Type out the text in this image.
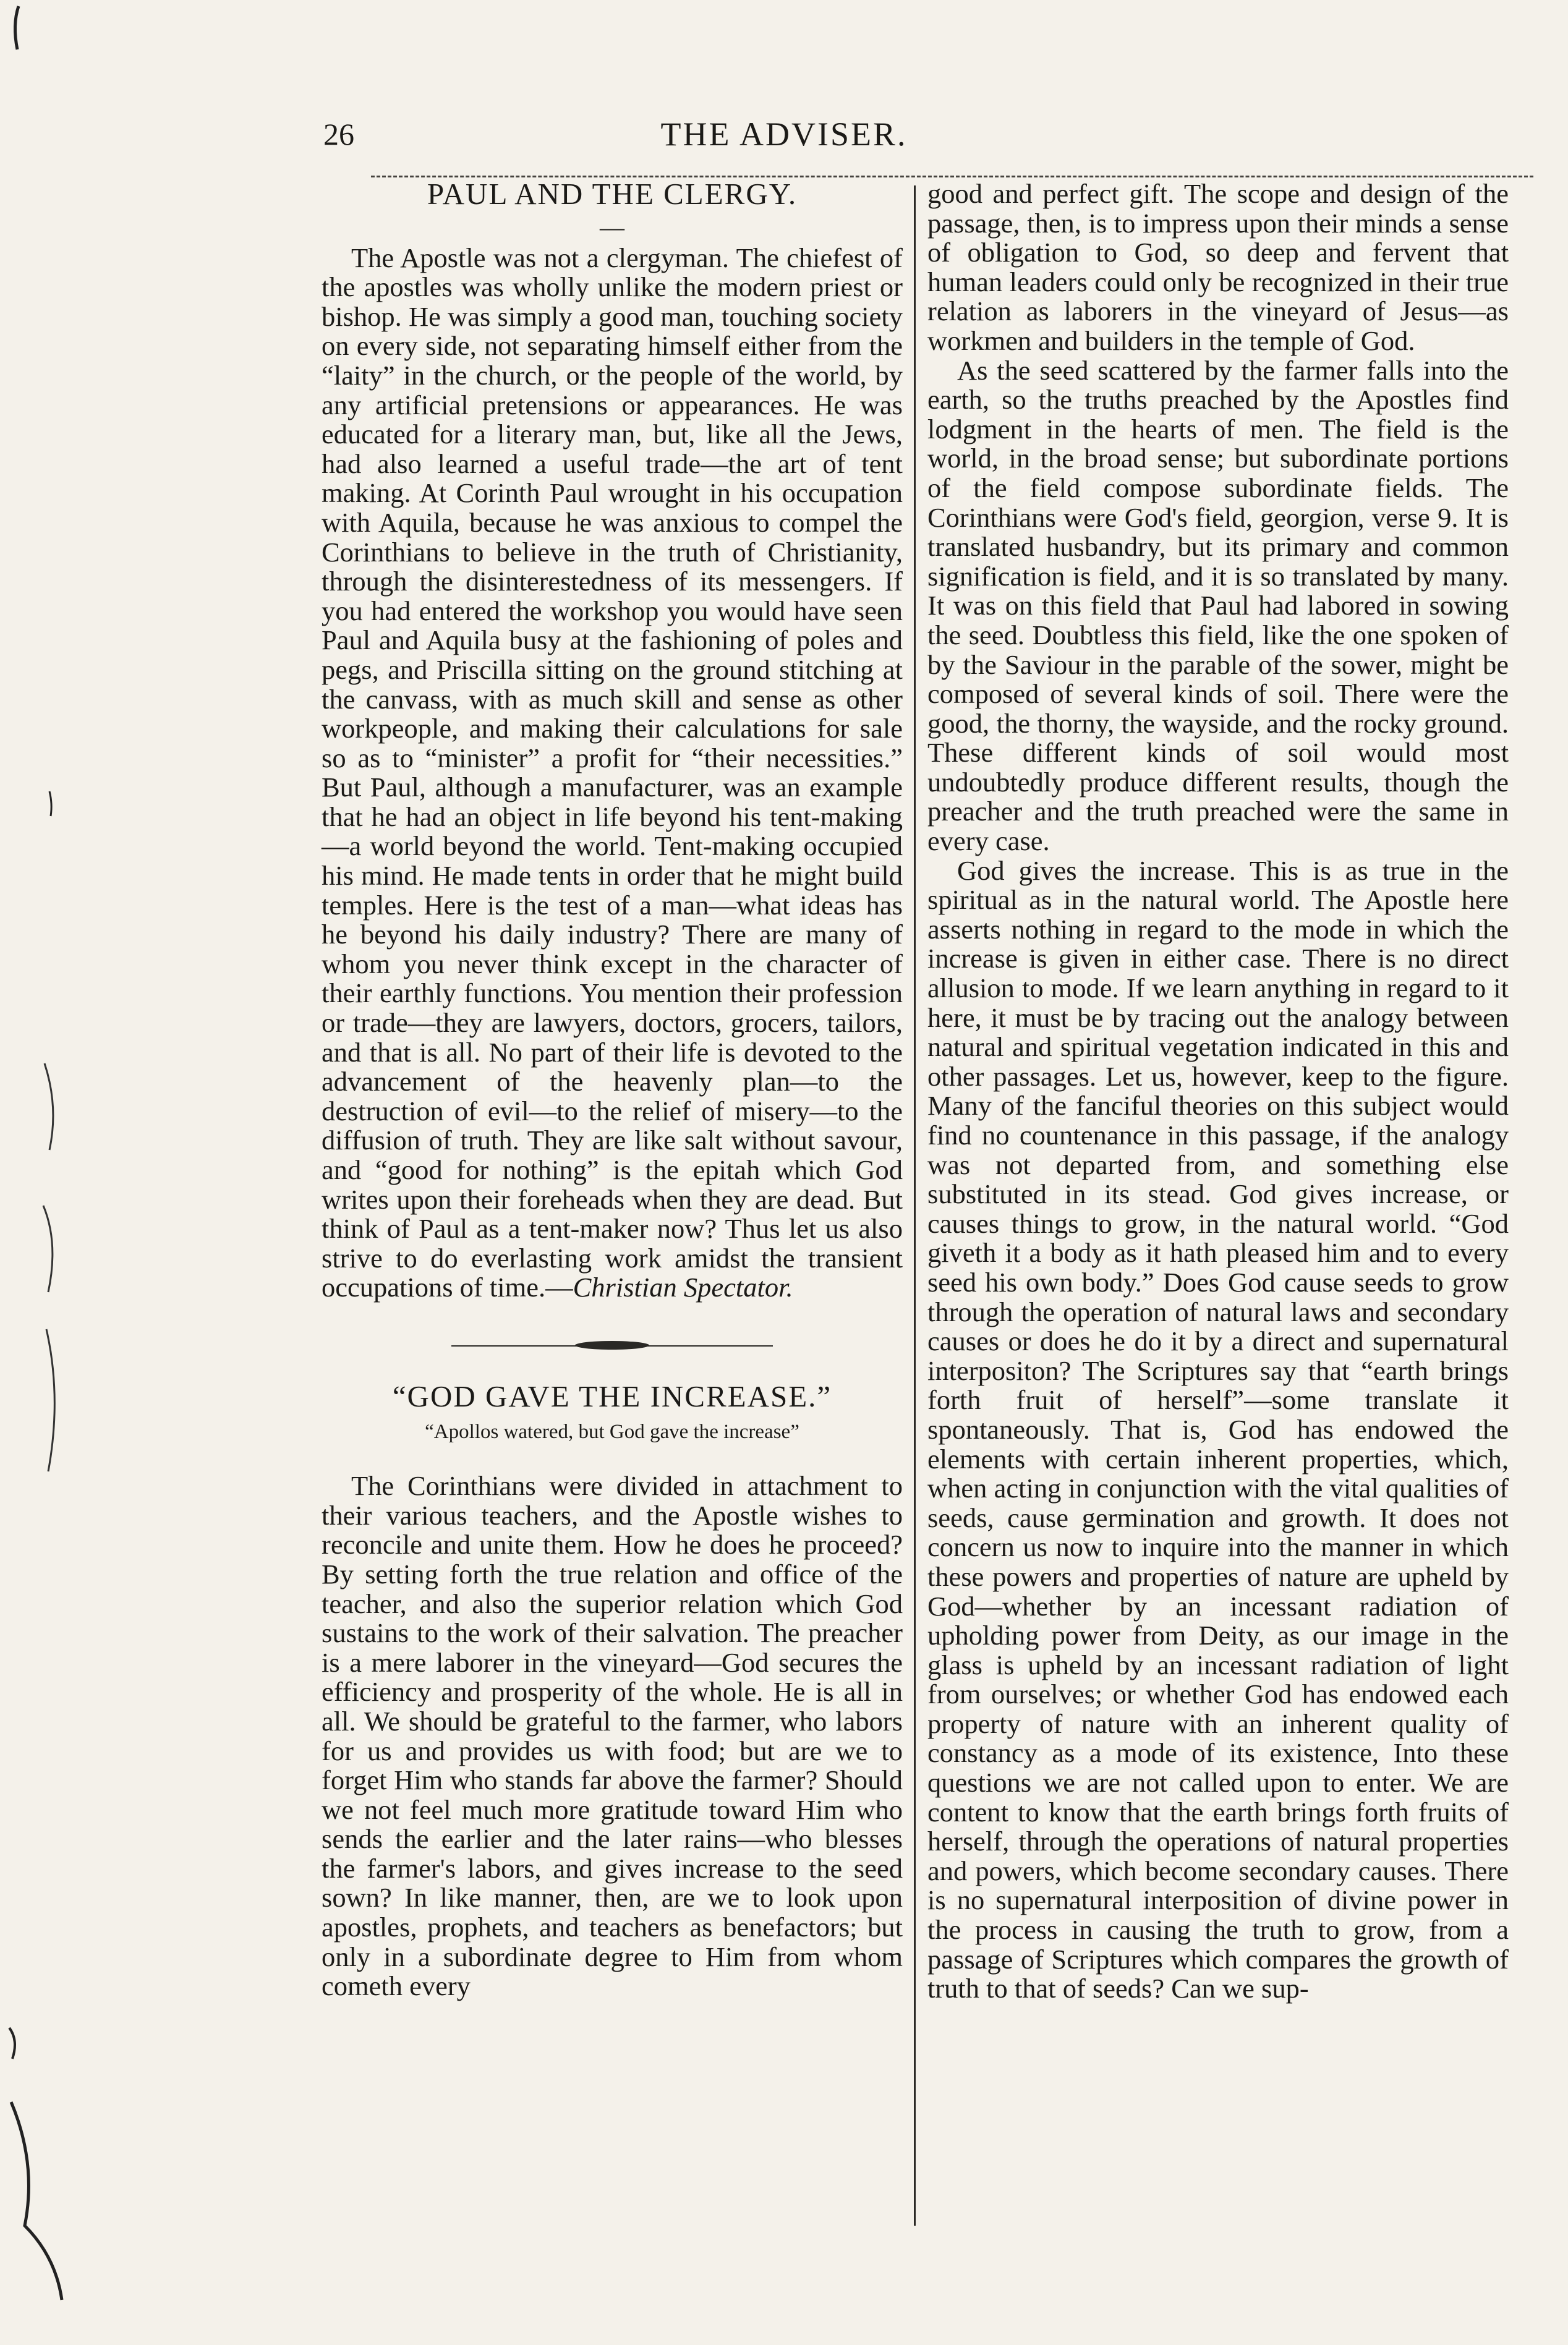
26	THE ADVISER.
PAUL AND THE CLERGY.
—

The Apostle was not a clergyman. The chiefest of the apostles was wholly unlike the modern priest or bishop. He was simply a good man, touching society on every side, not separating himself either from the “laity” in the church, or the people of the world, by any artificial pretensions or appearances. He was educated for a literary man, but, like all the Jews, had also learned a useful trade—the art of tent making. At Corinth Paul wrought in his occupation with Aquila, because he was anxious to compel the Corinthians to believe in the truth of Christianity, through the disinterestedness of its messengers. If you had entered the workshop you would have seen Paul and Aquila busy at the fashioning of poles and pegs, and Priscilla sitting on the ground stitching at the canvass, with as much skill and sense as other workpeople, and making their calculations for sale so as to “minister” a profit for “their necessities.” But Paul, although a manufacturer, was an example that he had an object in life beyond his tent-making—a world beyond the world. Tent-making occupied his mind. He made tents in order that he might build temples. Here is the test of a man—what ideas has he beyond his daily industry? There are many of whom you never think except in the character of their earthly functions. You mention their profession or trade—they are lawyers, doctors, grocers, tailors, and that is all. No part of their life is devoted to the advancement of the heavenly plan—to the destruction of evil—to the relief of misery—to the diffusion of truth. They are like salt without savour, and “good for nothing” is the epitah which God writes upon their foreheads when they are dead. But think of Paul as a tent-maker now? Thus let us also strive to do everlasting work amidst the transient occupations of time.—Christian Spectator.

“GOD GAVE THE INCREASE.”
“Apollos watered, but God gave the increase”

The Corinthians were divided in attachment to their various teachers, and the Apostle wishes to reconcile and unite them. How he does he proceed? By setting forth the true relation and office of the teacher, and also the superior relation which God sustains to the work of their salvation. The preacher is a mere laborer in the vineyard—God secures the efficiency and prosperity of the whole. He is all in all. We should be grateful to the farmer, who labors for us and provides us with food; but are we to forget Him who stands far above the farmer? Should we not feel much more gratitude toward Him who sends the earlier and the later rains—who blesses the farmer's labors, and gives increase to the seed sown? In like manner, then, are we to look upon apostles, prophets, and teachers as benefactors; but only in a subordinate degree to Him from whom cometh every

good and perfect gift. The scope and design of the passage, then, is to impress upon their minds a sense of obligation to God, so deep and fervent that human leaders could only be recognized in their true relation as laborers in the vineyard of Jesus—as workmen and builders in the temple of God.

As the seed scattered by the farmer falls into the earth, so the truths preached by the Apostles find lodgment in the hearts of men. The field is the world, in the broad sense; but subordinate portions of the field compose subordinate fields. The Corinthians were God's field, georgion, verse 9. It is translated husbandry, but its primary and common signification is field, and it is so translated by many. It was on this field that Paul had labored in sowing the seed. Doubtless this field, like the one spoken of by the Saviour in the parable of the sower, might be composed of several kinds of soil. There were the good, the thorny, the wayside, and the rocky ground. These different kinds of soil would most undoubtedly produce different results, though the preacher and the truth preached were the same in every case.

God gives the increase. This is as true in the spiritual as in the natural world. The Apostle here asserts nothing in regard to the mode in which the increase is given in either case. There is no direct allusion to mode. If we learn anything in regard to it here, it must be by tracing out the analogy between natural and spiritual vegetation indicated in this and other passages. Let us, however, keep to the figure. Many of the fanciful theories on this subject would find no countenance in this passage, if the analogy was not departed from, and something else substituted in its stead. God gives increase, or causes things to grow, in the natural world. “God giveth it a body as it hath pleased him and to every seed his own body.” Does God cause seeds to grow through the operation of natural laws and secondary causes or does he do it by a direct and supernatural interpositon? The Scriptures say that “earth brings forth fruit of herself”—some translate it spontaneously. That is, God has endowed the elements with certain inherent properties, which, when acting in conjunction with the vital qualities of seeds, cause germination and growth. It does not concern us now to inquire into the manner in which these powers and properties of nature are upheld by God—whether by an incessant radiation of upholding power from Deity, as our image in the glass is upheld by an incessant radiation of light from ourselves; or whether God has endowed each property of nature with an inherent quality of constancy as a mode of its existence, Into these questions we are not called upon to enter. We are content to know that the earth brings forth fruits of herself, through the operations of natural properties and powers, which become secondary causes. There is no supernatural interposition of divine power in the process in causing the truth to grow, from a passage of Scriptures which compares the growth of truth to that of seeds? Can we sup-
